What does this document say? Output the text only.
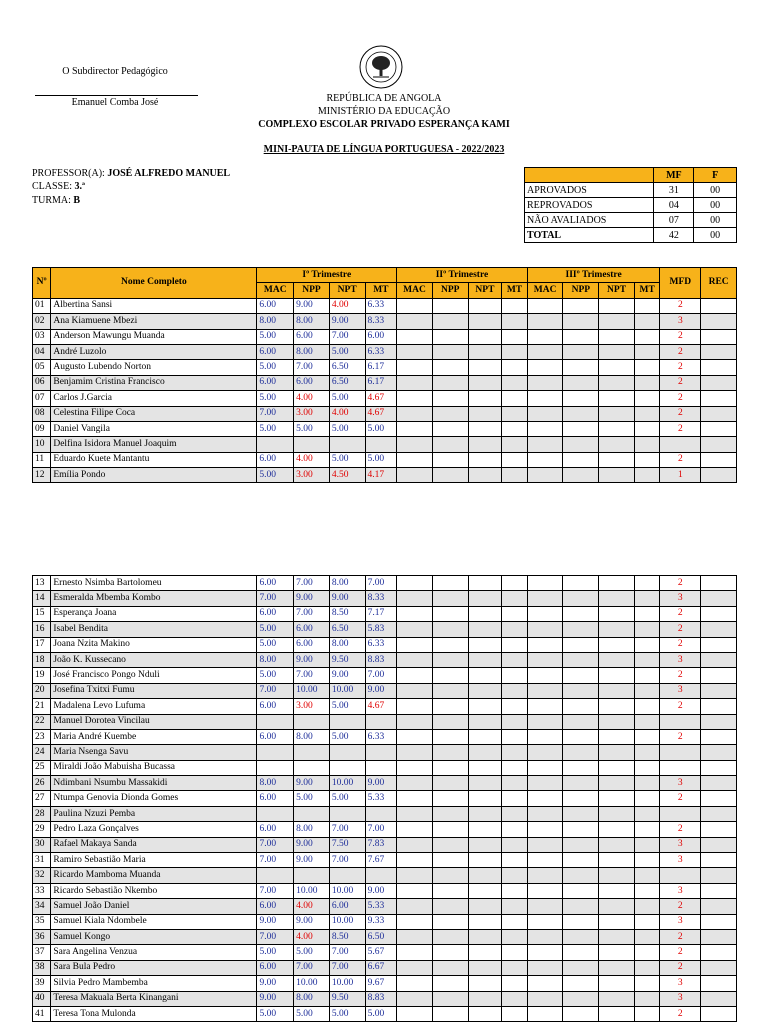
O Subdirector Pedagógico
Emanuel Comba José	REPÚBLICA DE ANGOLA
MINISTÉRIO DA EDUCAÇÃO
COMPLEXO ESCOLAR PRIVADO ESPERANÇA KAMI
MINI-PAUTA DE LÍNGUA PORTUGUESA - 2022/2023
PROFESSOR(A): JOSÉ ALFREDO MANUEL
CLASSE: 3.ª
TURMA: B
	MF	F
APROVADOS	31	00
REPROVADOS	04	00
NÃO AVALIADOS	07	00
TOTAL	42	00
Nº	Nome Completo	Iº Trimestre				IIº Trimestre				IIIº Trimestre				MFD	REC
		MAC	NPP	NPT	MT	MAC	NPP	NPT	MT	MAC	NPP	NPT	MT		
01	Albertina Sansi	6.00	9.00	4.00	6.33									2	
02	Ana Kiamuene Mbezi	8.00	8.00	9.00	8.33									3	
03	Anderson Mawungu Muanda	5.00	6.00	7.00	6.00									2	
04	André Luzolo	6.00	8.00	5.00	6.33									2	
05	Augusto Lubendo Norton	5.00	7.00	6.50	6.17									2	
06	Benjamim Cristina Francisco	6.00	6.00	6.50	6.17									2	
07	Carlos J.Garcia	5.00	4.00	5.00	4.67									2	
08	Celestina Filipe Coca	7.00	3.00	4.00	4.67									2	
09	Daniel Vangila	5.00	5.00	5.00	5.00									2	
10	Delfina Isidora Manuel Joaquim														
11	Eduardo Kuete Mantantu	6.00	4.00	5.00	5.00									2	
12	Emília Pondo	5.00	3.00	4.50	4.17									1	
13	Ernesto Nsimba Bartolomeu	6.00	7.00	8.00	7.00									2	
14	Esmeralda Mbemba Kombo	7.00	9.00	9.00	8.33									3	
15	Esperança Joana	6.00	7.00	8.50	7.17									2	
16	Isabel Bendita	5.00	6.00	6.50	5.83									2	
17	Joana Nzita Makino	5.00	6.00	8.00	6.33									2	
18	João K. Kussecano	8.00	9.00	9.50	8.83									3	
19	José Francisco Pongo Nduli	5.00	7.00	9.00	7.00									2	
20	Josefina Txitxi Fumu	7.00	10.00	10.00	9.00									3	
21	Madalena Levo Lufuma	6.00	3.00	5.00	4.67									2	
22	Manuel Dorotea Vincilau														
23	Maria André Kuembe	6.00	8.00	5.00	6.33									2	
24	Maria Nsenga Savu														
25	Miraldi João Mabuisha Bucassa														
26	Ndimbani Nsumbu Massakidi	8.00	9.00	10.00	9.00									3	
27	Ntumpa Genovia Dionda Gomes	6.00	5.00	5.00	5.33									2	
28	Paulina Nzuzi Pemba														
29	Pedro Laza Gonçalves	6.00	8.00	7.00	7.00									2	
30	Rafael Makaya Sanda	7.00	9.00	7.50	7.83									3	
31	Ramiro Sebastião Maria	7.00	9.00	7.00	7.67									3	
32	Ricardo Mamboma Muanda														
33	Ricardo Sebastião Nkembo	7.00	10.00	10.00	9.00									3	
34	Samuel João Daniel	6.00	4.00	6.00	5.33									2	
35	Samuel Kiala Ndombele	9.00	9.00	10.00	9.33									3	
36	Samuel Kongo	7.00	4.00	8.50	6.50									2	
37	Sara Angelina Venzua	5.00	5.00	7.00	5.67									2	
38	Sara Bula Pedro	6.00	7.00	7.00	6.67									2	
39	Silvia Pedro Mambemba	9.00	10.00	10.00	9.67									3	
40	Teresa Makuala Berta Kinangani	9.00	8.00	9.50	8.83									3	
41	Teresa Tona Mulonda	5.00	5.00	5.00	5.00									2	
